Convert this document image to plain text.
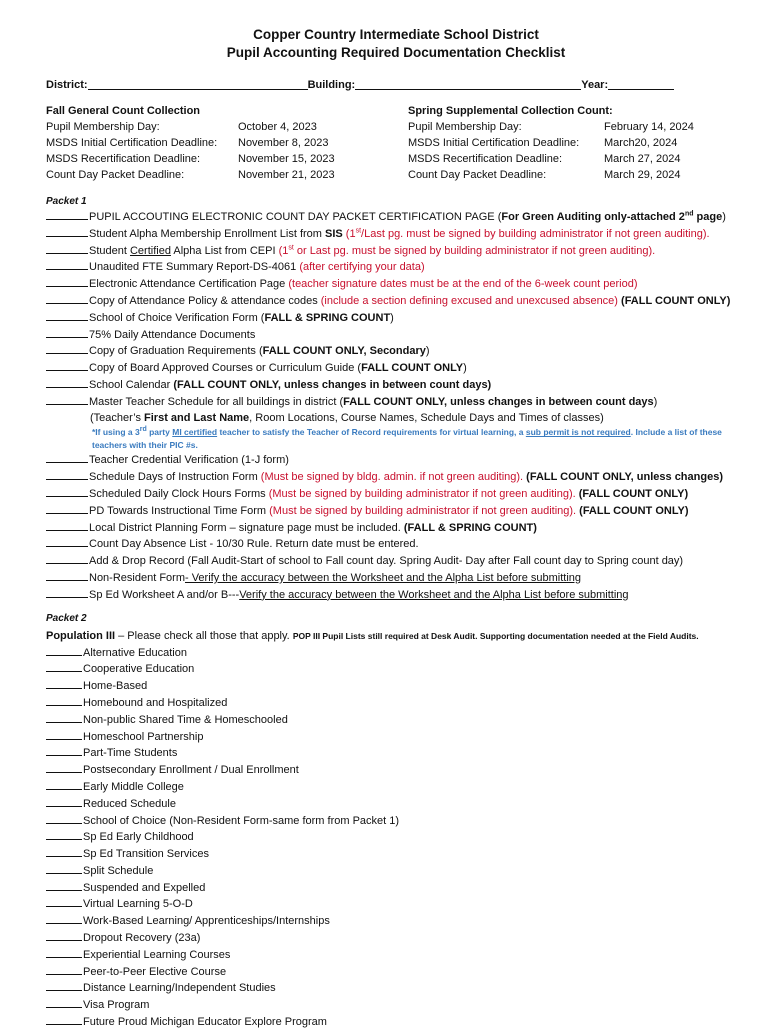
Copper Country Intermediate School District
Pupil Accounting Required Documentation Checklist
District:	Building:	Year:
Fall General Count Collection
Pupil Membership Day:	October 4, 2023
MSDS Initial Certification Deadline:	November 8, 2023
MSDS Recertification Deadline:	November 15, 2023
Count Day Packet Deadline:	November 21, 2023
Spring Supplemental Collection Count:
Pupil Membership Day:	February 14, 2024
MSDS Initial Certification Deadline:	March20, 2024
MSDS Recertification Deadline:	March 27, 2024
Count Day Packet Deadline:	March 29, 2024
Packet 1
PUPIL ACCOUTING ELECTRONIC COUNT DAY PACKET CERTIFICATION PAGE (For Green Auditing only-attached 2nd page)
Student Alpha Membership Enrollment List from SIS (1st/Last pg. must be signed by building administrator if not green auditing).
Student Certified Alpha List from CEPI (1st or Last pg. must be signed by building administrator if not green auditing).
Unaudited FTE Summary Report-DS-4061 (after certifying your data)
Electronic Attendance Certification Page (teacher signature dates must be at the end of the 6-week count period)
Copy of Attendance Policy & attendance codes (include a section defining excused and unexcused absence) (FALL COUNT ONLY)
School of Choice Verification Form (FALL & SPRING COUNT)
75% Daily Attendance Documents
Copy of Graduation Requirements (FALL COUNT ONLY, Secondary)
Copy of Board Approved Courses or Curriculum Guide (FALL COUNT ONLY)
School Calendar (FALL COUNT ONLY, unless changes in between count days)
Master Teacher Schedule for all buildings in district (FALL COUNT ONLY, unless changes in between count days)
(Teacher’s First and Last Name, Room Locations, Course Names, Schedule Days and Times of classes)
*If using a 3rd party MI certified teacher to satisfy the Teacher of Record requirements for virtual learning, a sub permit is not required. Include a list of these
teachers with their PIC #s.
Teacher Credential Verification (1-J form)
Schedule Days of Instruction Form (Must be signed by bldg. admin. if not green auditing). (FALL COUNT ONLY, unless changes)
Scheduled Daily Clock Hours Forms (Must be signed by building administrator if not green auditing). (FALL COUNT ONLY)
PD Towards Instructional Time Form (Must be signed by building administrator if not green auditing). (FALL COUNT ONLY)
Local District Planning Form – signature page must be included. (FALL & SPRING COUNT)
Count Day Absence List - 10/30 Rule. Return date must be entered.
Add & Drop Record (Fall Audit-Start of school to Fall count day. Spring Audit- Day after Fall count day to Spring count day)
Non-Resident Form- Verify the accuracy between the Worksheet and the Alpha List before submitting
Sp Ed Worksheet A and/or B---Verify the accuracy between the Worksheet and the Alpha List before submitting
Packet 2
Population III – Please check all those that apply. POP III Pupil Lists still required at Desk Audit. Supporting documentation needed at the Field Audits.
Alternative Education
Cooperative Education
Home-Based
Homebound and Hospitalized
Non-public Shared Time & Homeschooled
Homeschool Partnership
Part-Time Students
Postsecondary Enrollment / Dual Enrollment
Early Middle College
Reduced Schedule
School of Choice (Non-Resident Form-same form from Packet 1)
Sp Ed Early Childhood
Sp Ed Transition Services
Split Schedule
Suspended and Expelled
Virtual Learning 5-O-D
Work-Based Learning/ Apprenticeships/Internships
Dropout Recovery (23a)
Experiential Learning Courses
Peer-to-Peer Elective Course
Distance Learning/Independent Studies
Visa Program
Future Proud Michigan Educator Explore Program
